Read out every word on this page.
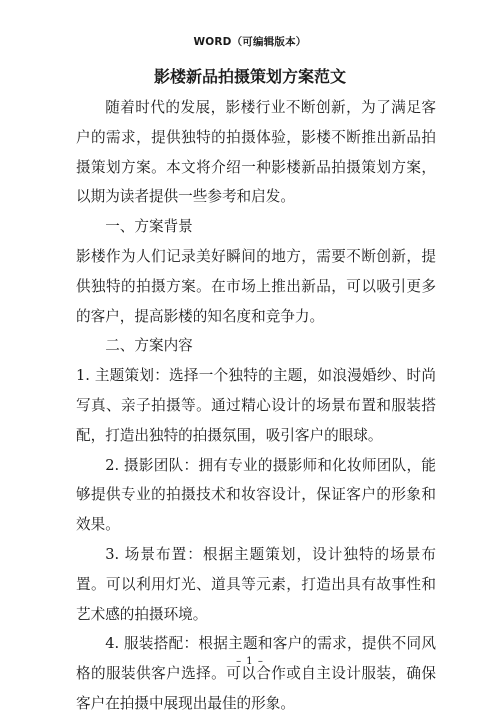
WORD（可编辑版本）
影楼新品拍摄策划方案范文

随着时代的发展，影楼行业不断创新，为了满足客户的需求，提供独特的拍摄体验，影楼不断推出新品拍摄策划方案。本文将介绍一种影楼新品拍摄策划方案，以期为读者提供一些参考和启发。

一、方案背景

影楼作为人们记录美好瞬间的地方，需要不断创新，提供独特的拍摄方案。在市场上推出新品，可以吸引更多的客户，提高影楼的知名度和竞争力。

二、方案内容

1. 主题策划：选择一个独特的主题，如浪漫婚纱、时尚写真、亲子拍摄等。通过精心设计的场景布置和服装搭配，打造出独特的拍摄氛围，吸引客户的眼球。

2. 摄影团队：拥有专业的摄影师和化妆师团队，能够提供专业的拍摄技术和妆容设计，保证客户的形象和效果。

3. 场景布置：根据主题策划，设计独特的场景布置。可以利用灯光、道具等元素，打造出具有故事性和艺术感的拍摄环境。

4. 服装搭配：根据主题和客户的需求，提供不同风格的服装供客户选择。可以合作或自主设计服装，确保客户在拍摄中展现出最佳的形象。

– 1 –
